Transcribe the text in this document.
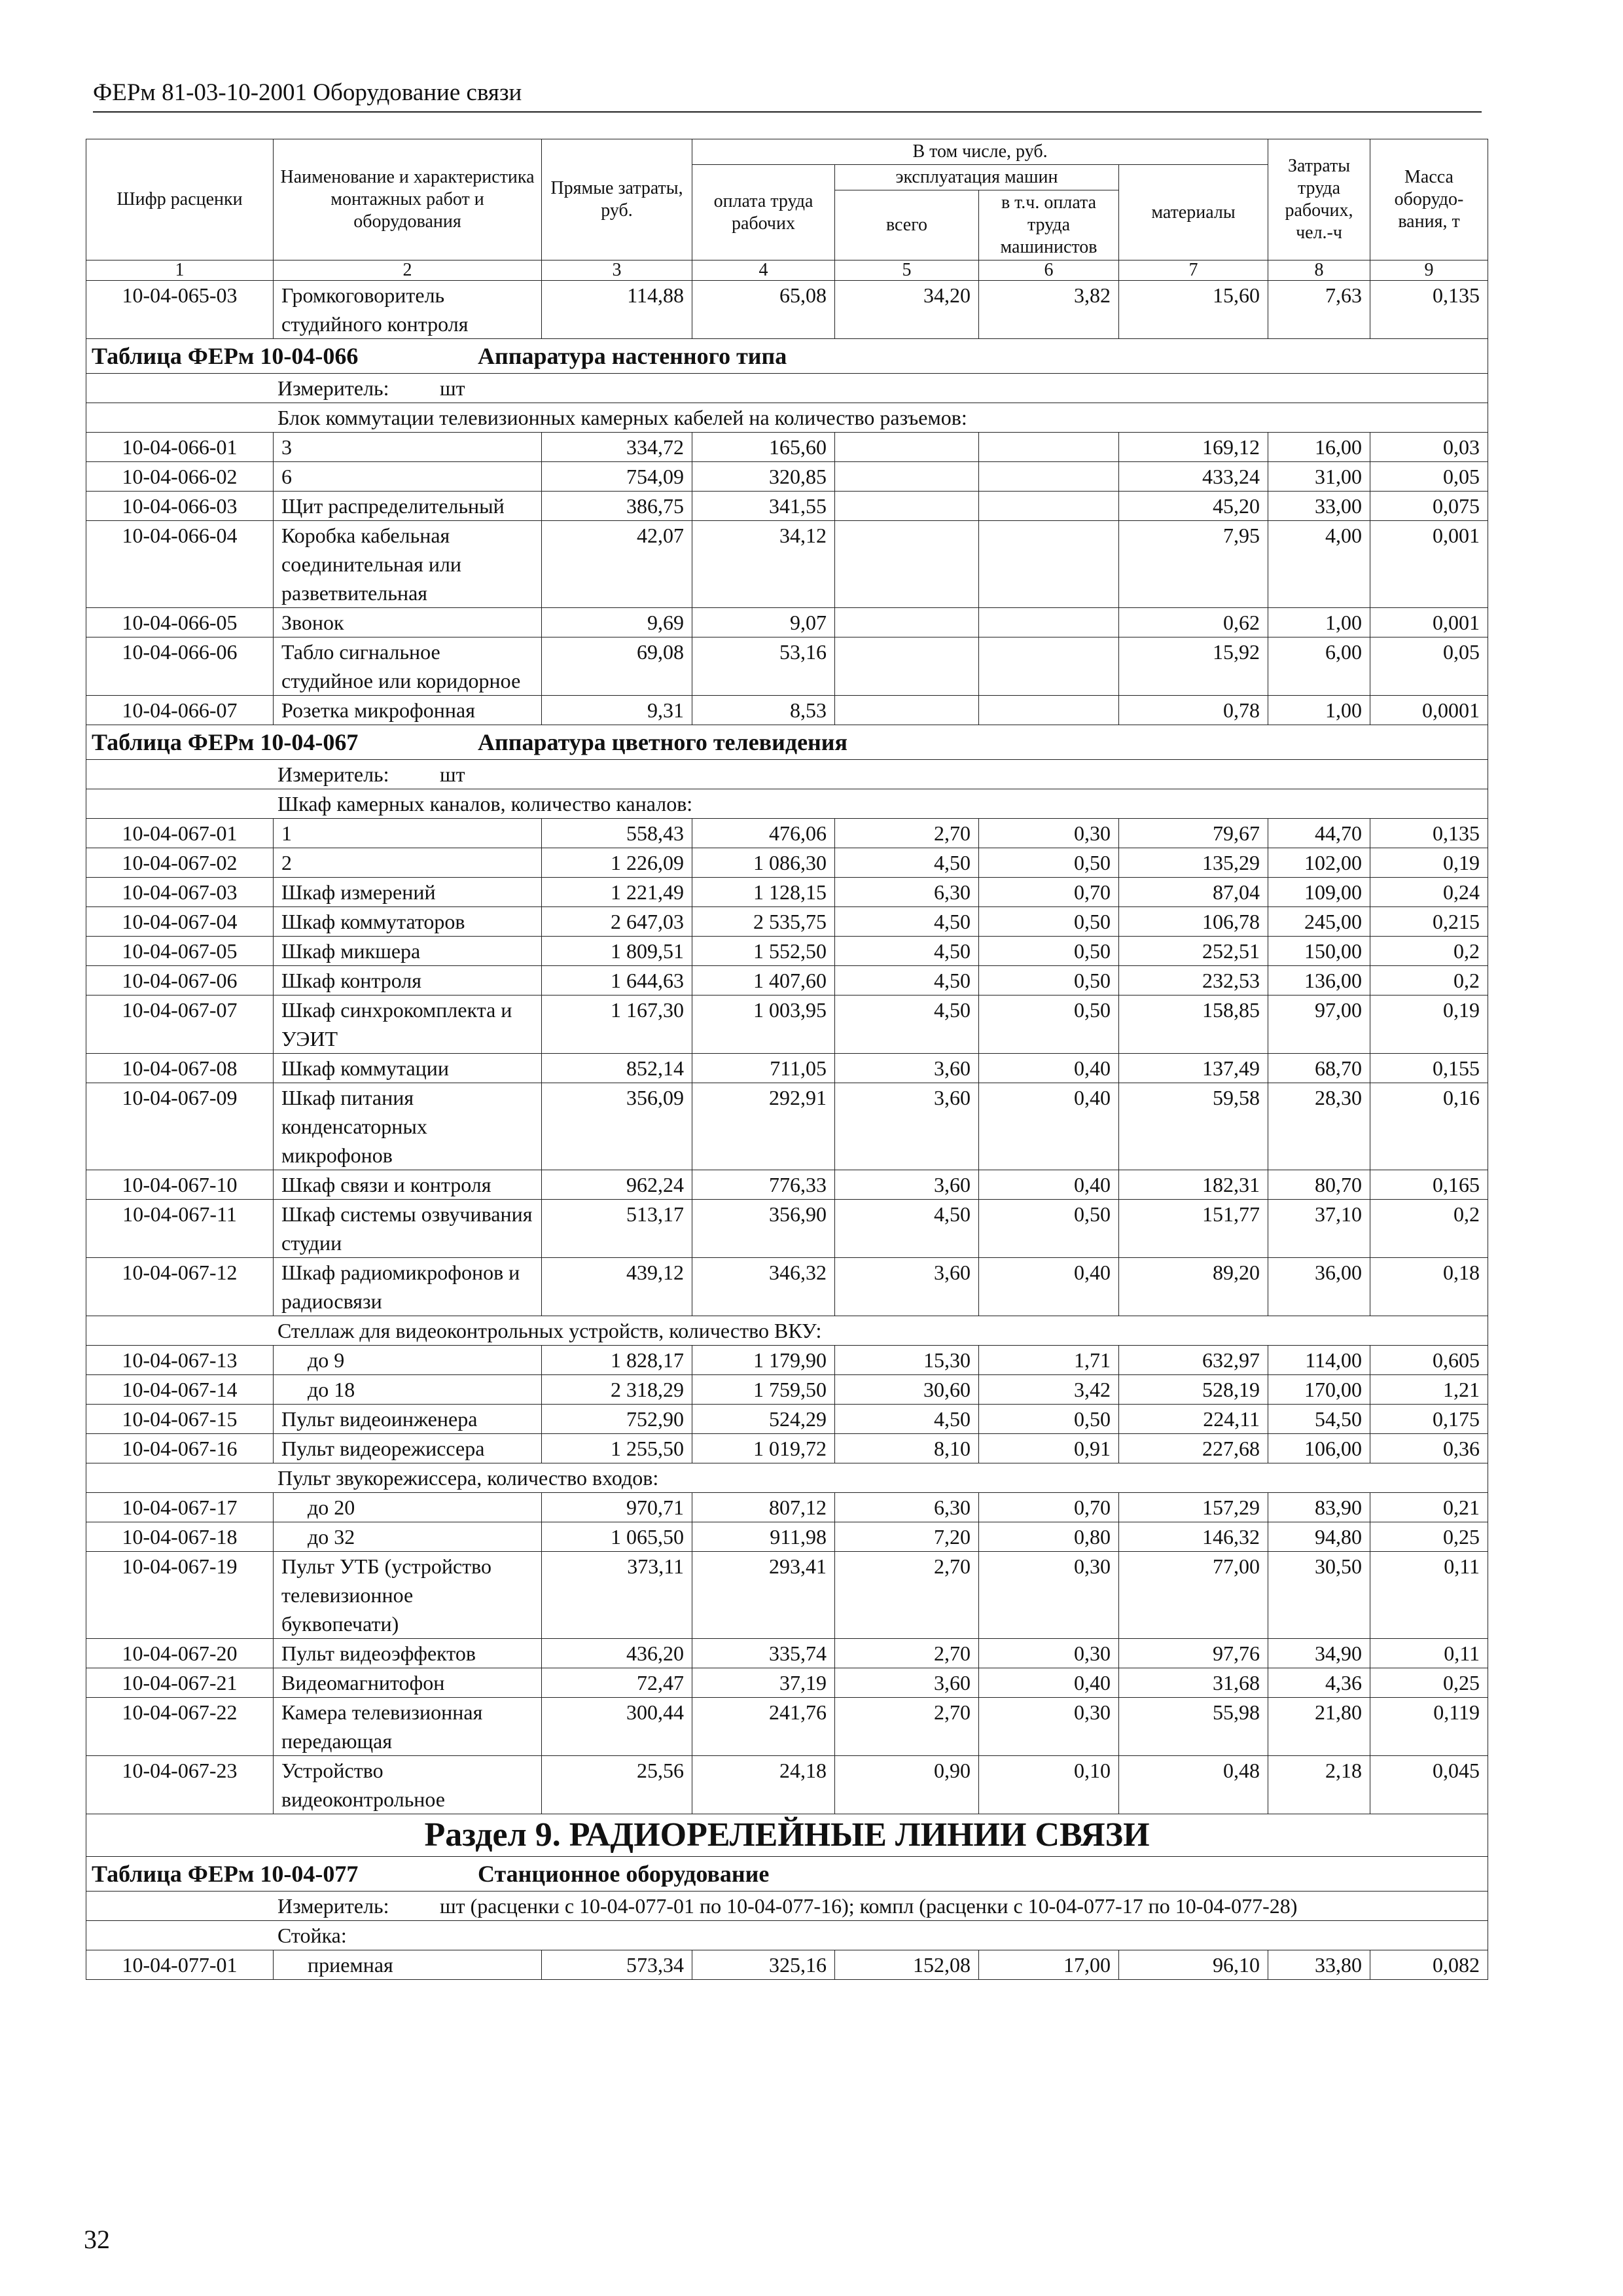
ФЕРм 81-03-10-2001 Оборудование связи
Шифр расценки	Наименование и характеристика монтажных работ и оборудования	Прямые затраты, руб.	В том числе, руб.				Затраты труда рабочих, чел.-ч	Масса оборудо-вания, т
			оплата труда рабочих	эксплуатация машин		материалы		
				всего	в т.ч. оплата труда машинистов			
1	2	3	4	5	6	7	8	9
10-04-065-03	Громкоговоритель студийного контроля	114,88	65,08	34,20	3,82	15,60	7,63	0,135
Таблица ФЕРм 10-04-066 Аппаратура настенного типа								
Измеритель: шт								
Блок коммутации телевизионных камерных кабелей на количество разъемов:								
10-04-066-01	3	334,72	165,60			169,12	16,00	0,03
10-04-066-02	6	754,09	320,85			433,24	31,00	0,05
10-04-066-03	Щит распределительный	386,75	341,55			45,20	33,00	0,075
10-04-066-04	Коробка кабельная соединительная или разветвительная	42,07	34,12			7,95	4,00	0,001
10-04-066-05	Звонок	9,69	9,07			0,62	1,00	0,001
10-04-066-06	Табло сигнальное студийное или коридорное	69,08	53,16			15,92	6,00	0,05
10-04-066-07	Розетка микрофонная	9,31	8,53			0,78	1,00	0,0001
Таблица ФЕРм 10-04-067 Аппаратура цветного телевидения								
Измеритель: шт								
Шкаф камерных каналов, количество каналов:								
10-04-067-01	1	558,43	476,06	2,70	0,30	79,67	44,70	0,135
10-04-067-02	2	1 226,09	1 086,30	4,50	0,50	135,29	102,00	0,19
10-04-067-03	Шкаф измерений	1 221,49	1 128,15	6,30	0,70	87,04	109,00	0,24
10-04-067-04	Шкаф коммутаторов	2 647,03	2 535,75	4,50	0,50	106,78	245,00	0,215
10-04-067-05	Шкаф микшера	1 809,51	1 552,50	4,50	0,50	252,51	150,00	0,2
10-04-067-06	Шкаф контроля	1 644,63	1 407,60	4,50	0,50	232,53	136,00	0,2
10-04-067-07	Шкаф синхрокомплекта и УЭИТ	1 167,30	1 003,95	4,50	0,50	158,85	97,00	0,19
10-04-067-08	Шкаф коммутации	852,14	711,05	3,60	0,40	137,49	68,70	0,155
10-04-067-09	Шкаф питания конденсаторных микрофонов	356,09	292,91	3,60	0,40	59,58	28,30	0,16
10-04-067-10	Шкаф связи и контроля	962,24	776,33	3,60	0,40	182,31	80,70	0,165
10-04-067-11	Шкаф системы озвучивания студии	513,17	356,90	4,50	0,50	151,77	37,10	0,2
10-04-067-12	Шкаф радиомикрофонов и радиосвязи	439,12	346,32	3,60	0,40	89,20	36,00	0,18
Стеллаж для видеоконтрольных устройств, количество ВКУ:								
10-04-067-13	до 9	1 828,17	1 179,90	15,30	1,71	632,97	114,00	0,605
10-04-067-14	до 18	2 318,29	1 759,50	30,60	3,42	528,19	170,00	1,21
10-04-067-15	Пульт видеоинженера	752,90	524,29	4,50	0,50	224,11	54,50	0,175
10-04-067-16	Пульт видеорежиссера	1 255,50	1 019,72	8,10	0,91	227,68	106,00	0,36
Пульт звукорежиссера, количество входов:								
10-04-067-17	до 20	970,71	807,12	6,30	0,70	157,29	83,90	0,21
10-04-067-18	до 32	1 065,50	911,98	7,20	0,80	146,32	94,80	0,25
10-04-067-19	Пульт УТБ (устройство телевизионное буквопечати)	373,11	293,41	2,70	0,30	77,00	30,50	0,11
10-04-067-20	Пульт видеоэффектов	436,20	335,74	2,70	0,30	97,76	34,90	0,11
10-04-067-21	Видеомагнитофон	72,47	37,19	3,60	0,40	31,68	4,36	0,25
10-04-067-22	Камера телевизионная передающая	300,44	241,76	2,70	0,30	55,98	21,80	0,119
10-04-067-23	Устройство видеоконтрольное	25,56	24,18	0,90	0,10	0,48	2,18	0,045
Раздел 9. РАДИОРЕЛЕЙНЫЕ ЛИНИИ СВЯЗИ								
Таблица ФЕРм 10-04-077 Станционное оборудование								
Измеритель: шт (расценки с 10-04-077-01 по 10-04-077-16); компл (расценки с 10-04-077-17 по 10-04-077-28)								
Стойка:								
10-04-077-01	приемная	573,34	325,16	152,08	17,00	96,10	33,80	0,082
32
